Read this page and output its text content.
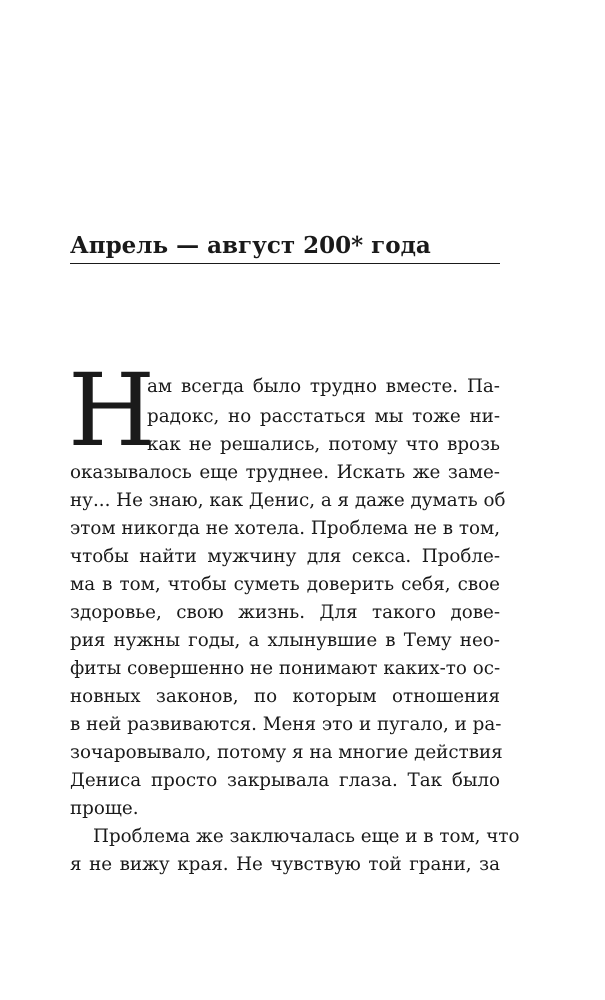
Апрель — август 200* года
Н

ам всегда было трудно вместе. Па-

радокс, но расстаться мы тоже ни-

как не решались, потому что врозь

оказывалось еще труднее. Искать же заме-

ну... Не знаю, как Денис, а я даже думать об

этом никогда не хотела. Проблема не в том,

чтобы найти мужчину для секса. Пробле-

ма в том, чтобы суметь доверить себя, свое

здоровье, свою жизнь. Для такого дове-

рия нужны годы, а хлынувшие в Тему нео-

фиты совершенно не понимают каких-то ос-

новных законов, по которым отношения

в ней развиваются. Меня это и пугало, и ра-

зочаровывало, потому я на многие действия

Дениса просто закрывала глаза. Так было

проще.

Проблема же заключалась еще и в том, что

я не вижу края. Не чувствую той грани, за
